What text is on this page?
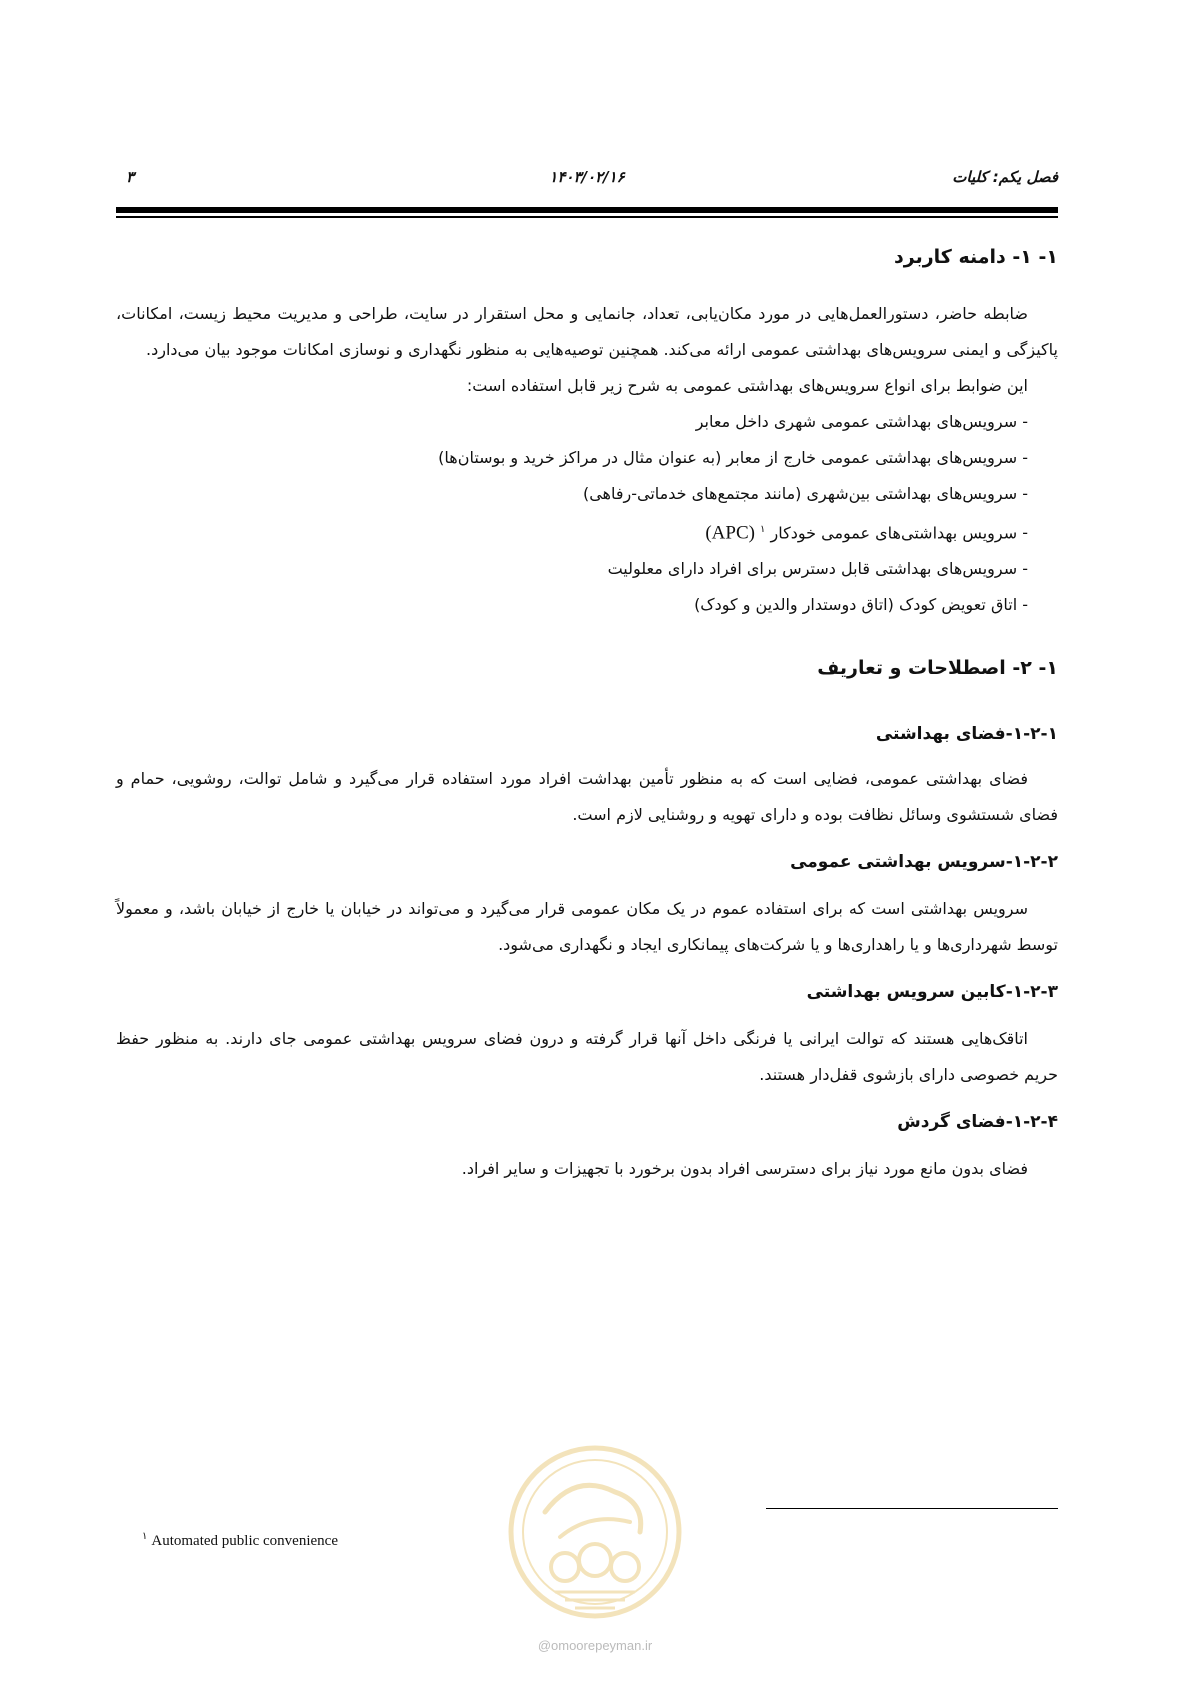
فصل یکم: کلیات
۱۴۰۳/۰۲/۱۶
۳
۱- ۱- دامنه کاربرد

ضابطه حاضر، دستورالعمل‌هایی در مورد مکان‌یابی، تعداد، جانمایی و محل استقرار در سایت، طراحی و مدیریت محیط زیست، امکانات، پاکیزگی و ایمنی سرویس‌های بهداشتی عمومی ارائه می‌کند. همچنین توصیه‌هایی به منظور نگهداری و نوسازی امکانات موجود بیان می‌دارد.

این ضوابط برای انواع سرویس‌های بهداشتی عمومی به شرح زیر قابل استفاده است:
- سرویس‌های بهداشتی عمومی شهری داخل معابر
- سرویس‌های بهداشتی عمومی خارج از معابر (به عنوان مثال در مراکز خرید و بوستان‌ها)
- سرویس‌های بهداشتی بین‌شهری (مانند مجتمع‌های خدماتی-رفاهی)
- سرویس بهداشتی‌های عمومی خودکار $^۱$ (APC)
- سرویس‌های بهداشتی قابل دسترس برای افراد دارای معلولیت
- اتاق تعویض کودک (اتاق دوستدار والدین و کودک)
۱- ۲- اصطلاحات و تعاریف
۱-۲-۱-فضای بهداشتی

فضای بهداشتی عمومی، فضایی است که به منظور تأمین بهداشت افراد مورد استفاده قرار می‌گیرد و شامل توالت، روشویی، حمام و فضای شستشوی وسائل نظافت بوده و دارای تهویه و روشنایی لازم است.

۱-۲-۲-سرویس بهداشتی عمومی

سرویس بهداشتی است که برای استفاده عموم در یک مکان عمومی قرار می‌گیرد و می‌تواند در خیابان یا خارج از خیابان باشد، و معمولاً توسط شهرداری‌ها و یا راهداری‌ها و یا شرکت‌های پیمانکاری ایجاد و نگهداری می‌شود.

۱-۲-۳-کابین سرویس بهداشتی

اتاقک‌هایی هستند که توالت ایرانی یا فرنگی داخل آنها قرار گرفته و درون فضای سرویس بهداشتی عمومی جای دارند. به منظور حفظ حریم خصوصی دارای بازشوی قفل‌دار هستند.

۱-۲-۴-فضای گردش

فضای بدون مانع مورد نیاز برای دسترسی افراد بدون برخورد با تجهیزات و سایر افراد.

$^١$ Automated public convenience
@omoorepeyman.ir
